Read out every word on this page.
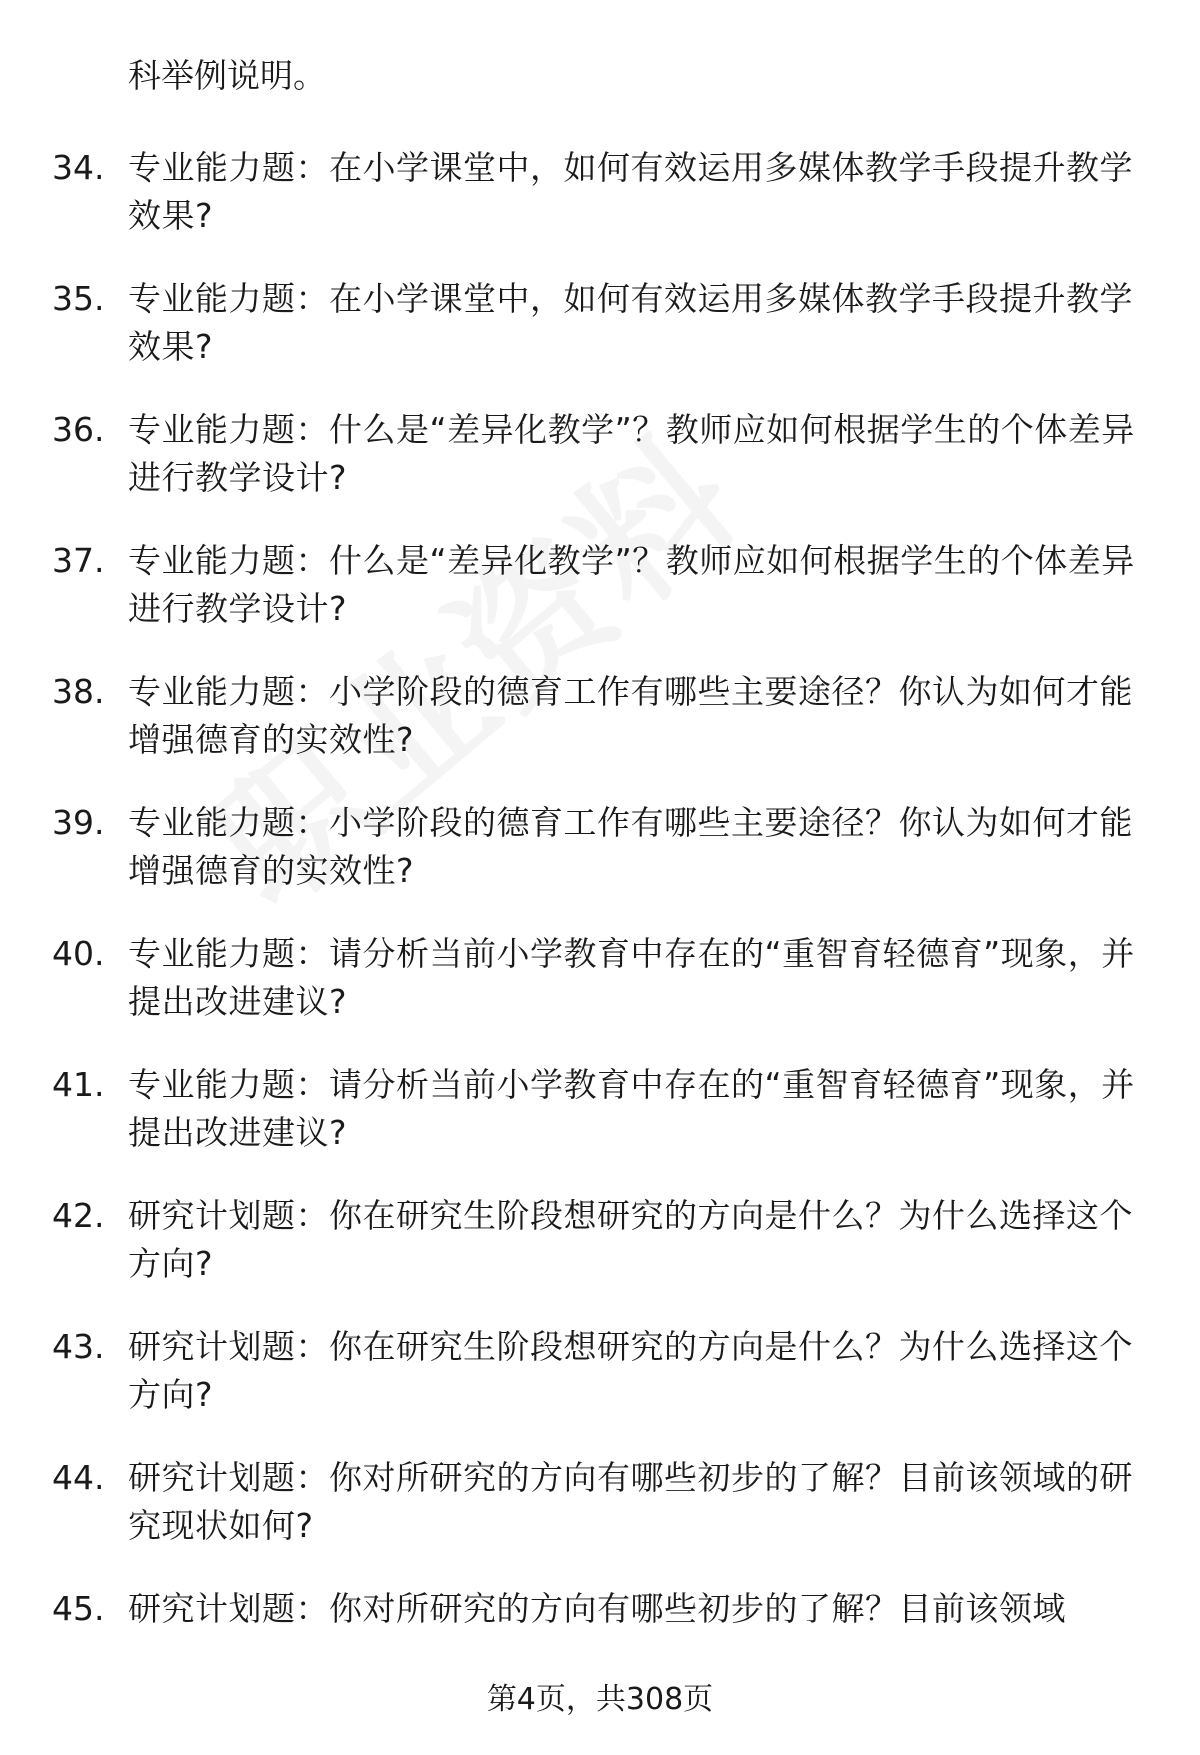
科举例说明。

34. 专业能力题：在小学课堂中，如何有效运用多媒体教学手段提升教学效果?
35. 专业能力题：在小学课堂中，如何有效运用多媒体教学手段提升教学效果?
36. 专业能力题：什么是“差异化教学”？教师应如何根据学生的个体差异进行教学设计?
37. 专业能力题：什么是“差异化教学”？教师应如何根据学生的个体差异进行教学设计?
38. 专业能力题：小学阶段的德育工作有哪些主要途径？你认为如何才能增强德育的实效性?
39. 专业能力题：小学阶段的德育工作有哪些主要途径？你认为如何才能增强德育的实效性?
40. 专业能力题：请分析当前小学教育中存在的“重智育轻德育”现象，并提出改进建议?
41. 专业能力题：请分析当前小学教育中存在的“重智育轻德育”现象，并提出改进建议?
42. 研究计划题：你在研究生阶段想研究的方向是什么？为什么选择这个方向?
43. 研究计划题：你在研究生阶段想研究的方向是什么？为什么选择这个方向?
44. 研究计划题：你对所研究的方向有哪些初步的了解？目前该领域的研究现状如何?
45. 研究计划题：你对所研究的方向有哪些初步的了解？目前该领域
第4页，共308页
